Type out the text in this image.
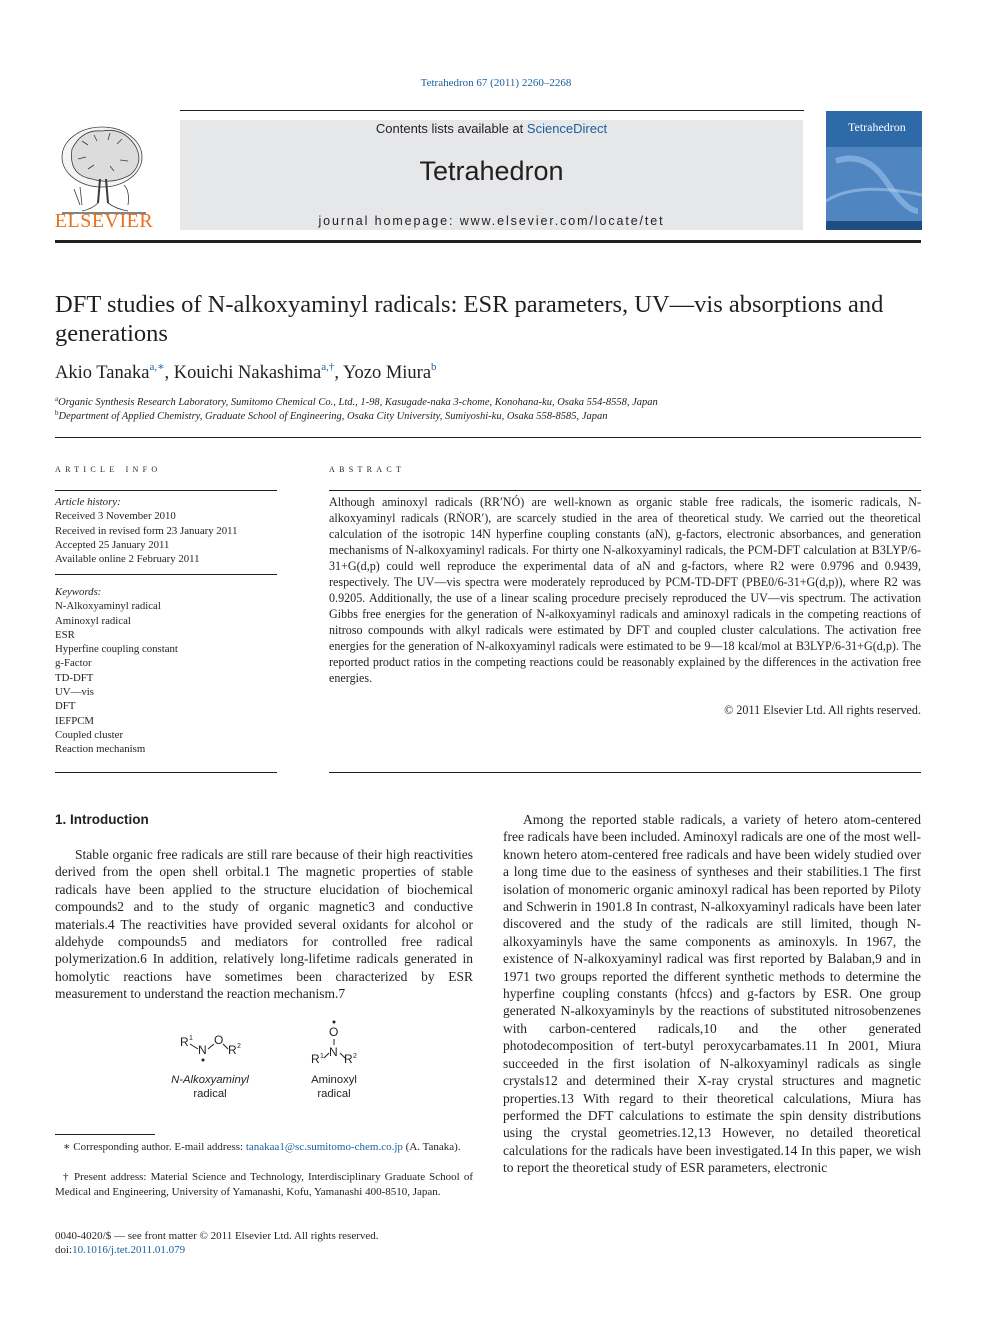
Tetrahedron 67 (2011) 2260–2268
ELSEVIER
Contents lists available at ScienceDirect
Tetrahedron
journal homepage: www.elsevier.com/locate/tet
Tetrahedron
DFT studies of N-alkoxyaminyl radicals: ESR parameters, UV—vis absorptions and generations
Akio Tanaka$^{a,∗}$, Kouichi Nakashima$^{a,\dagger}$, Yozo Miura$^b$
$^a$Organic Synthesis Research Laboratory, Sumitomo Chemical Co., Ltd., 1-98, Kasugade-naka 3-chome, Konohana-ku, Osaka 554-8558, Japan
$^b$Department of Applied Chemistry, Graduate School of Engineering, Osaka City University, Sumiyoshi-ku, Osaka 558-8585, Japan
article info
Article history:
Received 3 November 2010
Received in revised form 23 January 2011
Accepted 25 January 2011
Available online 2 February 2011
Keywords:
N-Alkoxyaminyl radical
Aminoxyl radical
ESR
Hyperfine coupling constant
g-Factor
TD-DFT
UV—vis
DFT
IEFPCM
Coupled cluster
Reaction mechanism
abstract
Although aminoxyl radicals (RR′NÓ) are well-known as organic stable free radicals, the isomeric radicals, N-alkoxyaminyl radicals (RṄOR′), are scarcely studied in the area of theoretical study. We carried out the theoretical calculation of the isotropic 14N hyperfine coupling constants (aN), g-factors, electronic absorbances, and generation mechanisms of N-alkoxyaminyl radicals. For thirty one N-alkoxyaminyl radicals, the PCM-DFT calculation at B3LYP/6-31+G(d,p) could well reproduce the experimental data of aN and g-factors, where R2 were 0.9796 and 0.9439, respectively. The UV—vis spectra were moderately reproduced by PCM-TD-DFT (PBE0/6-31+G(d,p)), where R2 was 0.9205. Additionally, the use of a linear scaling procedure precisely reproduced the UV—vis spectrum. The activation Gibbs free energies for the generation of N-alkoxyaminyl radicals and aminoxyl radicals in the competing reactions of nitroso compounds with alkyl radicals were estimated by DFT and coupled cluster calculations. The activation free energies for the generation of N-alkoxyaminyl radicals were estimated to be 9—18 kcal/mol at B3LYP/6-31+G(d,p). The reported product ratios in the competing reactions could be reasonably explained by the differences in the activation free energies.
© 2011 Elsevier Ltd. All rights reserved.
1. Introduction
Stable organic free radicals are still rare because of their high reactivities derived from the open shell orbital.1 The magnetic properties of stable radicals have been applied to the structure elucidation of biochemical compounds2 and to the study of organic magnetic3 and conductive materials.4 The reactivities have provided several oxidants for alcohol or aldehyde compounds5 and mediators for controlled free radical polymerization.6 In addition, relatively long-lifetime radicals generated in homolytic reactions have sometimes been characterized by ESR measurement to understand the reaction mechanism.7
R 1
N
O
R 2
O
N
R 1 R 2
N-Alkoxyaminyl
radical
Aminoxyl
radical
∗ Corresponding author. E-mail address: tanakaa1@sc.sumitomo-chem.co.jp (A. Tanaka).
† Present address: Material Science and Technology, Interdisciplinary Graduate School of Medical and Engineering, University of Yamanashi, Kofu, Yamanashi 400-8510, Japan.
0040-4020/$ — see front matter © 2011 Elsevier Ltd. All rights reserved.
doi:10.1016/j.tet.2011.01.079
Among the reported stable radicals, a variety of hetero atom-centered free radicals have been included. Aminoxyl radicals are one of the most well-known hetero atom-centered free radicals and have been widely studied over a long time due to the easiness of syntheses and their stabilities.1 The first isolation of monomeric organic aminoxyl radical has been reported by Piloty and Schwerin in 1901.8 In contrast, N-alkoxyaminyl radicals have been later discovered and the study of the radicals are still limited, though N-alkoxyaminyls have the same components as aminoxyls. In 1967, the existence of N-alkoxyaminyl radical was first reported by Balaban,9 and in 1971 two groups reported the different synthetic methods to determine the hyperfine coupling constants (hfccs) and g-factors by ESR. One group generated N-alkoxyaminyls by the reactions of substituted nitrosobenzenes with carbon-centered radicals,10 and the other generated photodecomposition of tert-butyl peroxycarbamates.11 In 2001, Miura succeeded in the first isolation of N-alkoxyaminyl radicals as single crystals12 and determined their X-ray crystal structures and magnetic properties.13 With regard to their theoretical calculations, Miura has performed the DFT calculations to estimate the spin density distributions using the crystal geometries.12,13 However, no detailed theoretical calculations for the radicals have been investigated.14 In this paper, we wish to report the theoretical study of ESR parameters, electronic
